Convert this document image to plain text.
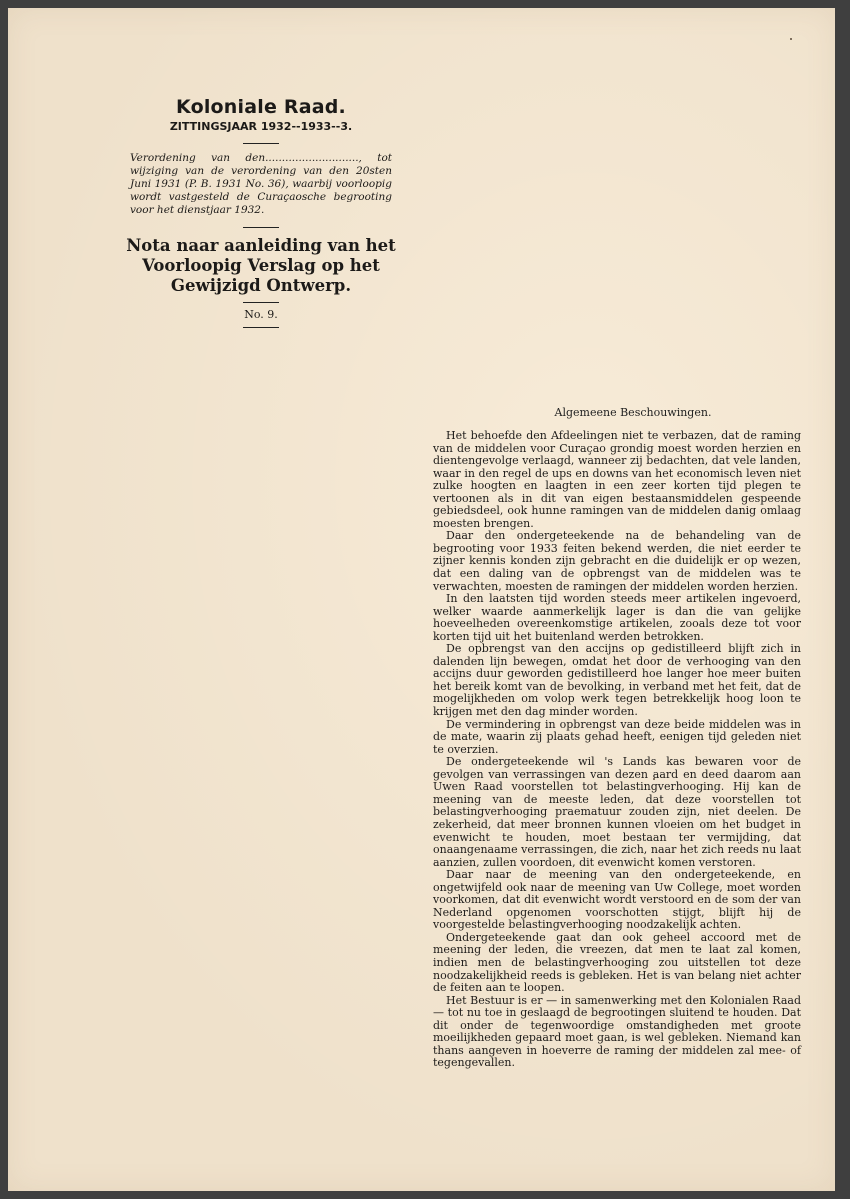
Koloniale Raad.

ZITTINGSJAAR 1932--1933--3.

Verordening van den............................, tot wijziging van de verordening van den 20sten Juni 1931 (P. B. 1931 No. 36), waarbij voorloopig wordt vastgesteld de Curaçaosche begrooting voor het dienstjaar 1932.

Nota naar aanleiding van het Voorloopig Verslag op het Gewijzigd Ontwerp.

No. 9.

Algemeene Beschouwingen.

Het behoefde den Afdeelingen niet te verbazen, dat de raming van de middelen voor Curaçao grondig moest worden herzien en dientengevolge verlaagd, wanneer zij bedachten, dat vele landen, waar in den regel de ups en downs van het economisch leven niet zulke hoogten en laagten in een zeer korten tijd plegen te vertoonen als in dit van eigen bestaansmiddelen gespeende gebiedsdeel, ook hunne ramingen van de middelen danig omlaag moesten brengen.

Daar den ondergeteekende na de behandeling van de begrooting voor 1933 feiten bekend werden, die niet eerder te zijner kennis konden zijn gebracht en die duidelijk er op wezen, dat een daling van de opbrengst van de middelen was te verwachten, moesten de ramingen der middelen worden herzien.

In den laatsten tijd worden steeds meer artikelen ingevoerd, welker waarde aanmerkelijk lager is dan die van gelijke hoeveelheden overeenkomstige artikelen, zooals deze tot voor korten tijd uit het buitenland werden betrokken.

De opbrengst van den accijns op gedistilleerd blijft zich in dalenden lijn bewegen, omdat het door de verhooging van den accijns duur geworden gedistilleerd hoe langer hoe meer buiten het bereik komt van de bevolking, in verband met het feit, dat de mogelijkheden om volop werk tegen betrekkelijk hoog loon te krijgen met den dag minder worden.

De vermindering in opbrengst van deze beide middelen was in de mate, waarin zij plaats gehad heeft, eenigen tijd geleden niet te overzien.

De ondergeteekende wil 's Lands kas bewaren voor de gevolgen van verrassingen van dezen aard en deed daarom aan Uwen Raad voorstellen tot belastingverhooging. Hij kan de meening van de meeste leden, dat deze voorstellen tot belastingverhooging praematuur zouden zijn, niet deelen. De zekerheid, dat meer bronnen kunnen vloeien om het budget in evenwicht te houden, moet bestaan ter vermijding, dat onaangenaame verrassingen, die zich, naar het zich reeds nu laat aanzien, zullen voordoen, dit evenwicht komen verstoren.

Daar naar de meening van den ondergeteekende, en ongetwijfeld ook naar de meening van Uw College, moet worden voorkomen, dat dit evenwicht wordt verstoord en de som der van Nederland opgenomen voorschotten stijgt, blijft hij de voorgestelde belastingverhooging noodzakelijk achten.

Ondergeteekende gaat dan ook geheel accoord met de meening der leden, die vreezen, dat men te laat zal komen, indien men de belastingverhooging zou uitstellen tot deze noodzakelijkheid reeds is gebleken. Het is van belang niet achter de feiten aan te loopen.

Het Bestuur is er — in samenwerking met den Kolonialen Raad — tot nu toe in geslaagd de begrootingen sluitend te houden. Dat dit onder de tegenwoordige omstandigheden met groote moeilijkheden gepaard moet gaan, is wel gebleken. Niemand kan thans aangeven in hoeverre de raming der middelen zal mee- of tegengevallen.
